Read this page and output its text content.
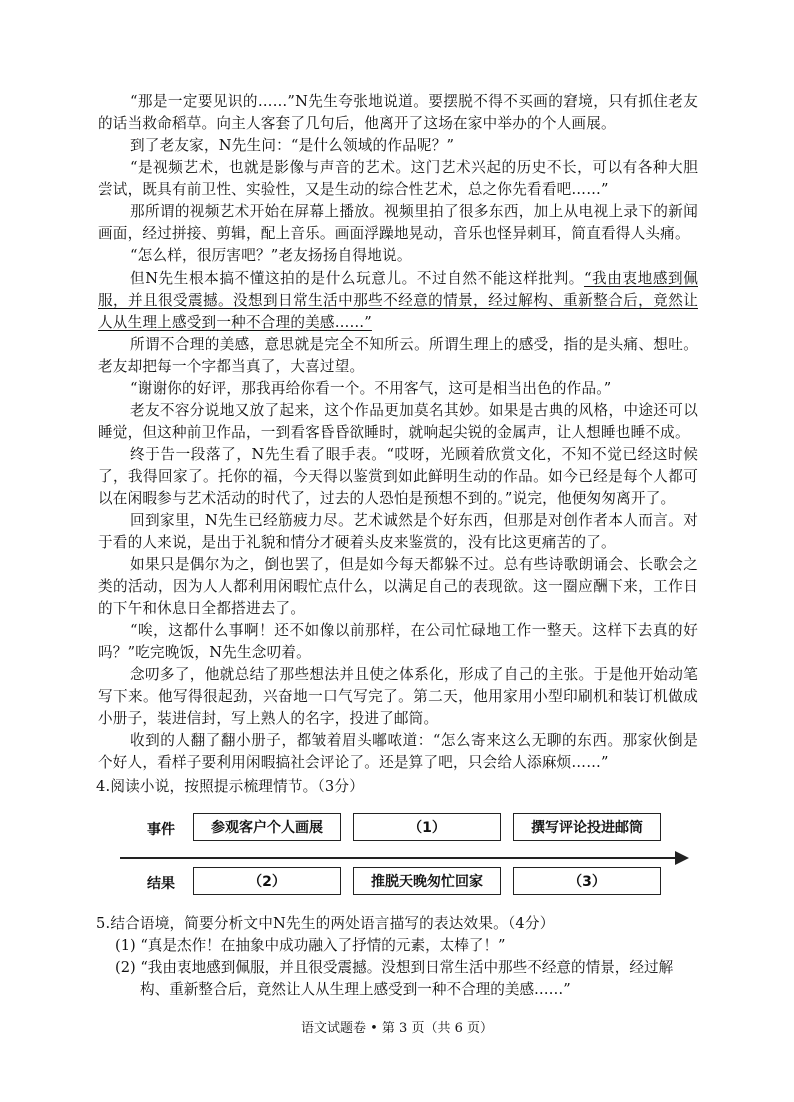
“那是一定要见识的……”N先生夸张地说道。要摆脱不得不买画的窘境，只有抓住老友的话当救命稻草。向主人客套了几句后，他离开了这场在家中举办的个人画展。

到了老友家，N先生问：“是什么领域的作品呢？”

“是视频艺术，也就是影像与声音的艺术。这门艺术兴起的历史不长，可以有各种大胆尝试，既具有前卫性、实验性，又是生动的综合性艺术，总之你先看看吧……”

那所谓的视频艺术开始在屏幕上播放。视频里拍了很多东西，加上从电视上录下的新闻画面，经过拼接、剪辑，配上音乐。画面浮躁地晃动，音乐也怪异刺耳，简直看得人头痛。

“怎么样，很厉害吧？”老友扬扬自得地说。

但N先生根本搞不懂这拍的是什么玩意儿。不过自然不能这样批判。“我由衷地感到佩服，并且很受震撼。没想到日常生活中那些不经意的情景，经过解构、重新整合后，竟然让人从生理上感受到一种不合理的美感……”

所谓不合理的美感，意思就是完全不知所云。所谓生理上的感受，指的是头痛、想吐。老友却把每一个字都当真了，大喜过望。

“谢谢你的好评，那我再给你看一个。不用客气，这可是相当出色的作品。”

老友不容分说地又放了起来，这个作品更加莫名其妙。如果是古典的风格，中途还可以睡觉，但这种前卫作品，一到看客昏昏欲睡时，就响起尖锐的金属声，让人想睡也睡不成。

终于告一段落了，N先生看了眼手表。“哎呀，光顾着欣赏文化，不知不觉已经这时候了，我得回家了。托你的福，今天得以鉴赏到如此鲜明生动的作品。如今已经是每个人都可以在闲暇参与艺术活动的时代了，过去的人恐怕是预想不到的。”说完，他便匆匆离开了。

回到家里，N先生已经筋疲力尽。艺术诚然是个好东西，但那是对创作者本人而言。对于看的人来说，是出于礼貌和情分才硬着头皮来鉴赏的，没有比这更痛苦的了。

如果只是偶尔为之，倒也罢了，但是如今每天都躲不过。总有些诗歌朗诵会、长歌会之类的活动，因为人人都利用闲暇忙点什么，以满足自己的表现欲。这一圈应酬下来，工作日的下午和休息日全都搭进去了。

“唉，这都什么事啊！还不如像以前那样，在公司忙碌地工作一整天。这样下去真的好吗？”吃完晚饭，N先生念叨着。

念叨多了，他就总结了那些想法并且使之体系化，形成了自己的主张。于是他开始动笔写下来。他写得很起劲，兴奋地一口气写完了。第二天，他用家用小型印刷机和装订机做成小册子，装进信封，写上熟人的名字，投进了邮筒。

收到的人翻了翻小册子，都皱着眉头嘟哝道：“怎么寄来这么无聊的东西。那家伙倒是个好人，看样子要利用闲暇搞社会评论了。还是算了吧，只会给人添麻烦……”

4.阅读小说，按照提示梳理情节。（3分）

事件	参观客户个人画展	（1）	撰写评论投进邮筒
结果	（2）	推脱天晚匆忙回家	（3）

5.结合语境，简要分析文中N先生的两处语言描写的表达效果。（4分）

(1) “真是杰作！在抽象中成功融入了抒情的元素，太棒了！”

(2) “我由衷地感到佩服，并且很受震撼。没想到日常生活中那些不经意的情景，经过解

构、重新整合后，竟然让人从生理上感受到一种不合理的美感……”

语文试题卷 • 第 3 页（共 6 页）
